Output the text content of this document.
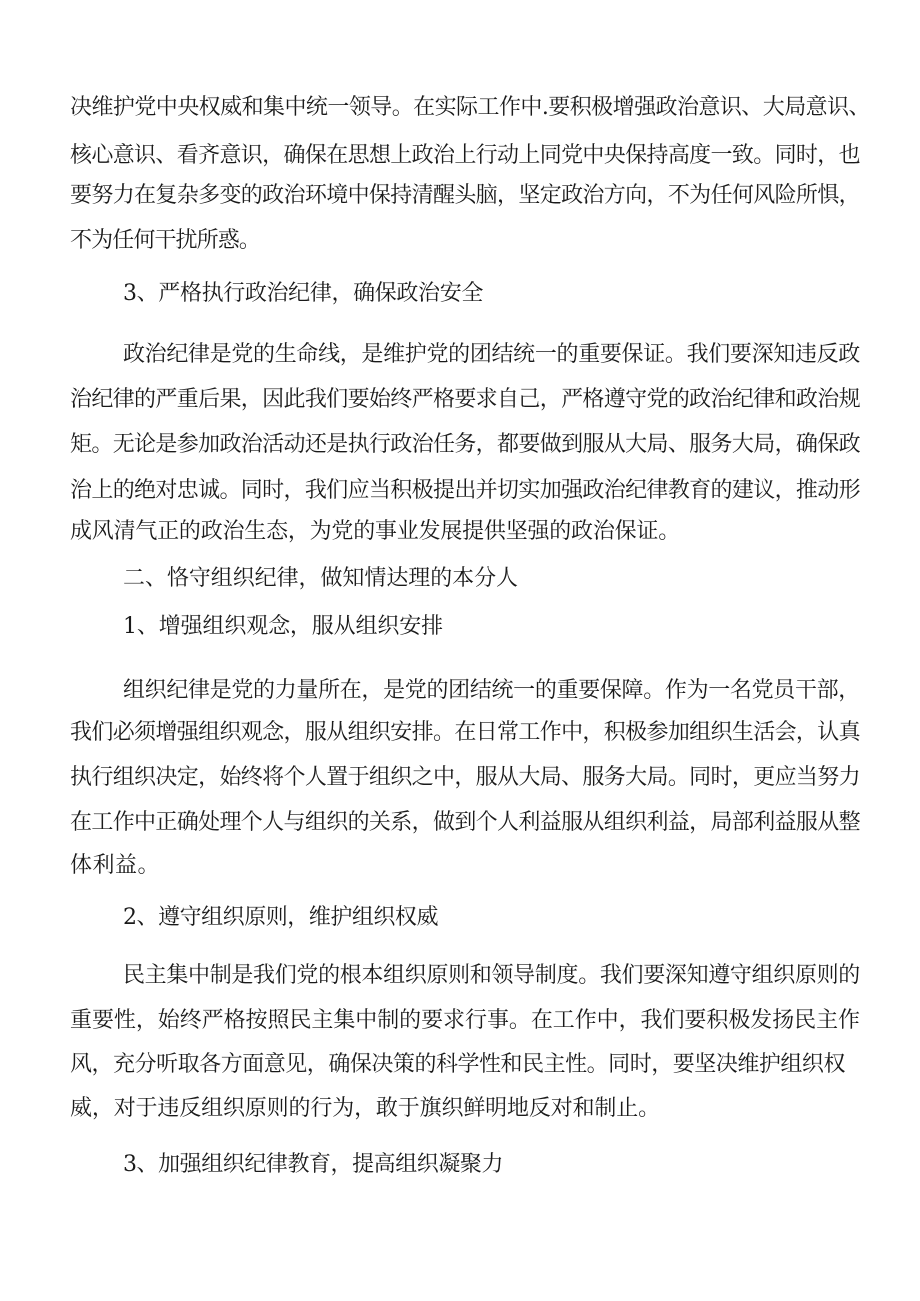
决维护党中央权威和集中统一领导。在实际工作中.要积极增强政治意识、大局意识、
核心意识、看齐意识，确保在思想上政治上行动上同党中央保持高度一致。同时，也
要努力在复杂多变的政治环境中保持清醒头脑，坚定政治方向，不为任何风险所惧，
不为任何干扰所惑。
3、严格执行政治纪律，确保政治安全
政治纪律是党的生命线，是维护党的团结统一的重要保证。我们要深知违反政
治纪律的严重后果，因此我们要始终严格要求自己，严格遵守党的政治纪律和政治规
矩。无论是参加政治活动还是执行政治任务，都要做到服从大局、服务大局，确保政
治上的绝对忠诚。同时，我们应当积极提出并切实加强政治纪律教育的建议，推动形
成风清气正的政治生态，为党的事业发展提供坚强的政治保证。
二、恪守组织纪律，做知情达理的本分人
1、增强组织观念，服从组织安排
组织纪律是党的力量所在，是党的团结统一的重要保障。作为一名党员干部，
我们必须增强组织观念，服从组织安排。在日常工作中，积极参加组织生活会，认真
执行组织决定，始终将个人置于组织之中，服从大局、服务大局。同时，更应当努力
在工作中正确处理个人与组织的关系，做到个人利益服从组织利益，局部利益服从整
体利益。
2、遵守组织原则，维护组织权威
民主集中制是我们党的根本组织原则和领导制度。我们要深知遵守组织原则的
重要性，始终严格按照民主集中制的要求行事。在工作中，我们要积极发扬民主作
风，充分听取各方面意见，确保决策的科学性和民主性。同时，要坚决维护组织权
威，对于违反组织原则的行为，敢于旗织鲜明地反对和制止。
3、加强组织纪律教育，提高组织凝聚力
